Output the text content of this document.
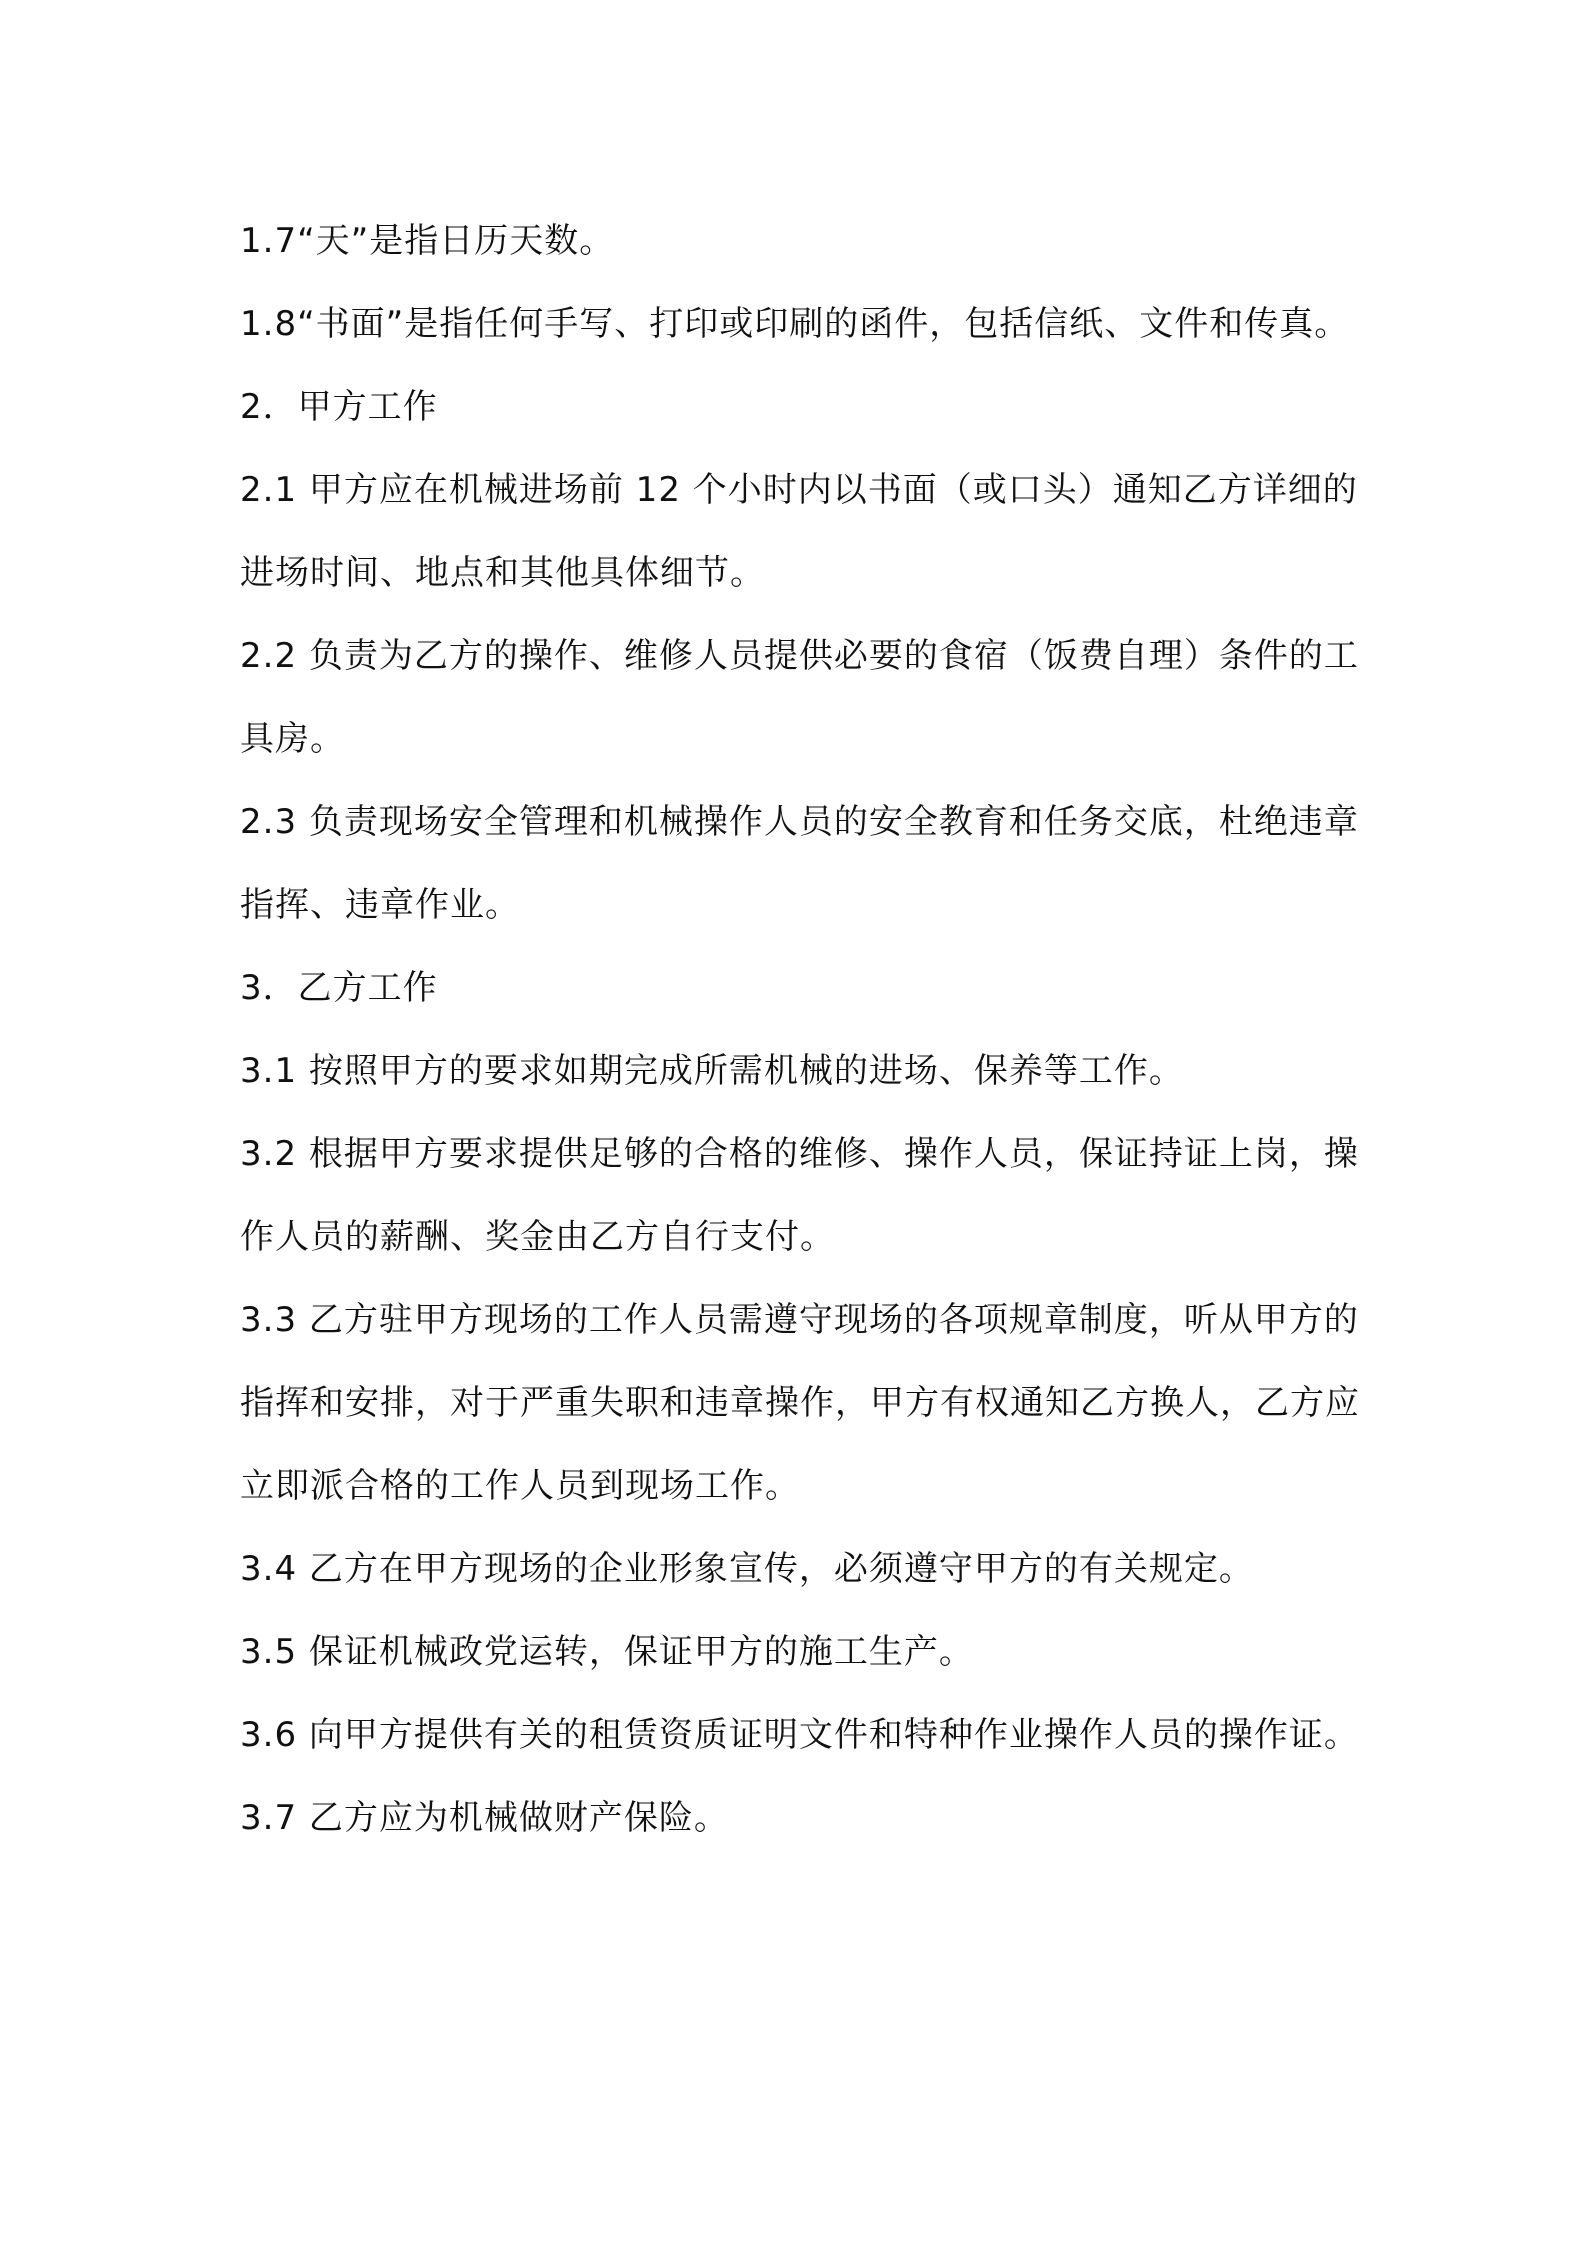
1.7“天”是指日历天数。

1.8“书面”是指任何手写、打印或印刷的函件，包括信纸、文件和传真。

2．甲方工作

2.1 甲方应在机械进场前 12 个小时内以书面（或口头）通知乙方详细的进场时间、地点和其他具体细节。

2.2 负责为乙方的操作、维修人员提供必要的食宿（饭费自理）条件的工具房。

2.3 负责现场安全管理和机械操作人员的安全教育和任务交底，杜绝违章指挥、违章作业。

3．乙方工作

3.1 按照甲方的要求如期完成所需机械的进场、保养等工作。

3.2 根据甲方要求提供足够的合格的维修、操作人员，保证持证上岗，操作人员的薪酬、奖金由乙方自行支付。

3.3 乙方驻甲方现场的工作人员需遵守现场的各项规章制度，听从甲方的指挥和安排，对于严重失职和违章操作，甲方有权通知乙方换人，乙方应立即派合格的工作人员到现场工作。

3.4 乙方在甲方现场的企业形象宣传，必须遵守甲方的有关规定。

3.5 保证机械政党运转，保证甲方的施工生产。

3.6 向甲方提供有关的租赁资质证明文件和特种作业操作人员的操作证。

3.7 乙方应为机械做财产保险。
